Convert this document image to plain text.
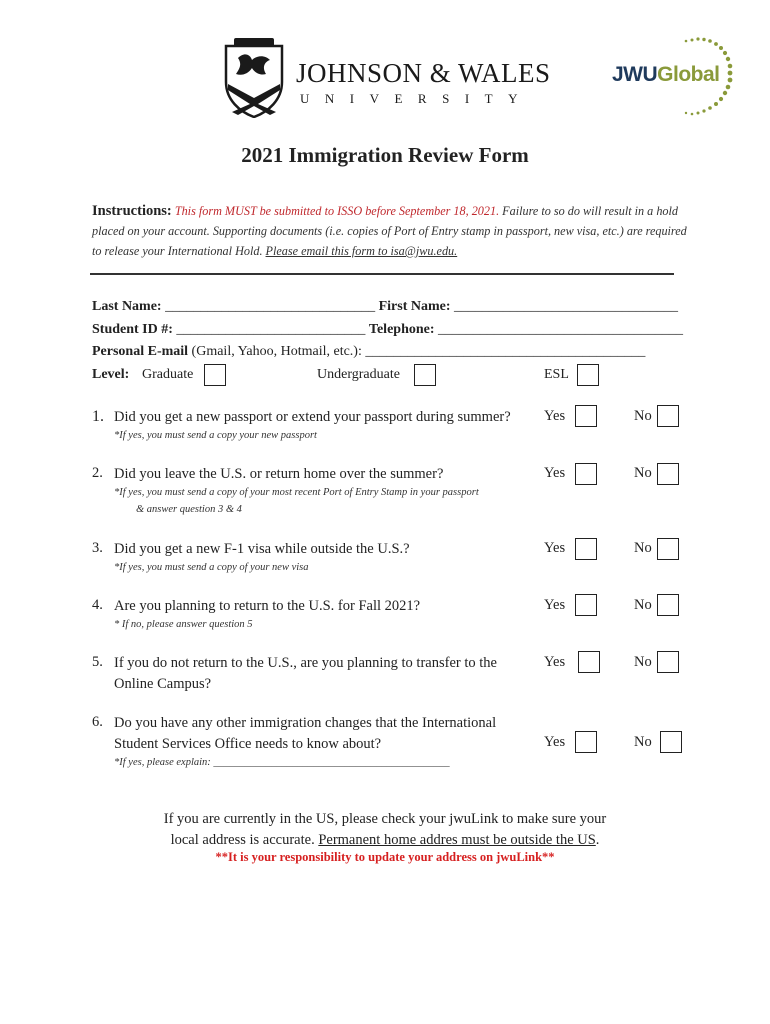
JOHNSON & WALES
UNIVERSITY
JWUGlobal
2021 Immigration Review Form
Instructions: This form MUST be submitted to ISSO before September 18, 2021. Failure to so do will result in a hold placed on your account. Supporting documents (i.e. copies of Port of Entry stamp in passport, new visa, etc.) are required to release your International Hold. Please email this form to isa@jwu.edu.
Last Name: ______________________________ First Name: ________________________________
Student ID #: ___________________________ Telephone: ___________________________________
Personal E-mail (Gmail, Yahoo, Hotmail, etc.): ________________________________________
Level: Graduate	Undergraduate	ESL
1. Did you get a new passport or extend your passport during summer?
*If yes, you must send a copy your new passport
Yes	No
2. Did you leave the U.S. or return home over the summer?
*If yes, you must send a copy of your most recent Port of Entry Stamp in your passport
& answer question 3 & 4
Yes	No
3. Did you get a new F-1 visa while outside the U.S.?
*If yes, you must send a copy of your new visa
Yes	No
4. Are you planning to return to the U.S. for Fall 2021?
* If no, please answer question 5
Yes	No
5. If you do not return to the U.S., are you planning to transfer to the
Online Campus?
Yes	No
6. Do you have any other immigration changes that the International
Student Services Office needs to know about?
*If yes, please explain: _____________________________________________
Yes	No
If you are currently in the US, please check your jwuLink to make sure your
local address is accurate. Permanent home addres must be outside the US.
**It is your responsibility to update your address on jwuLink**
